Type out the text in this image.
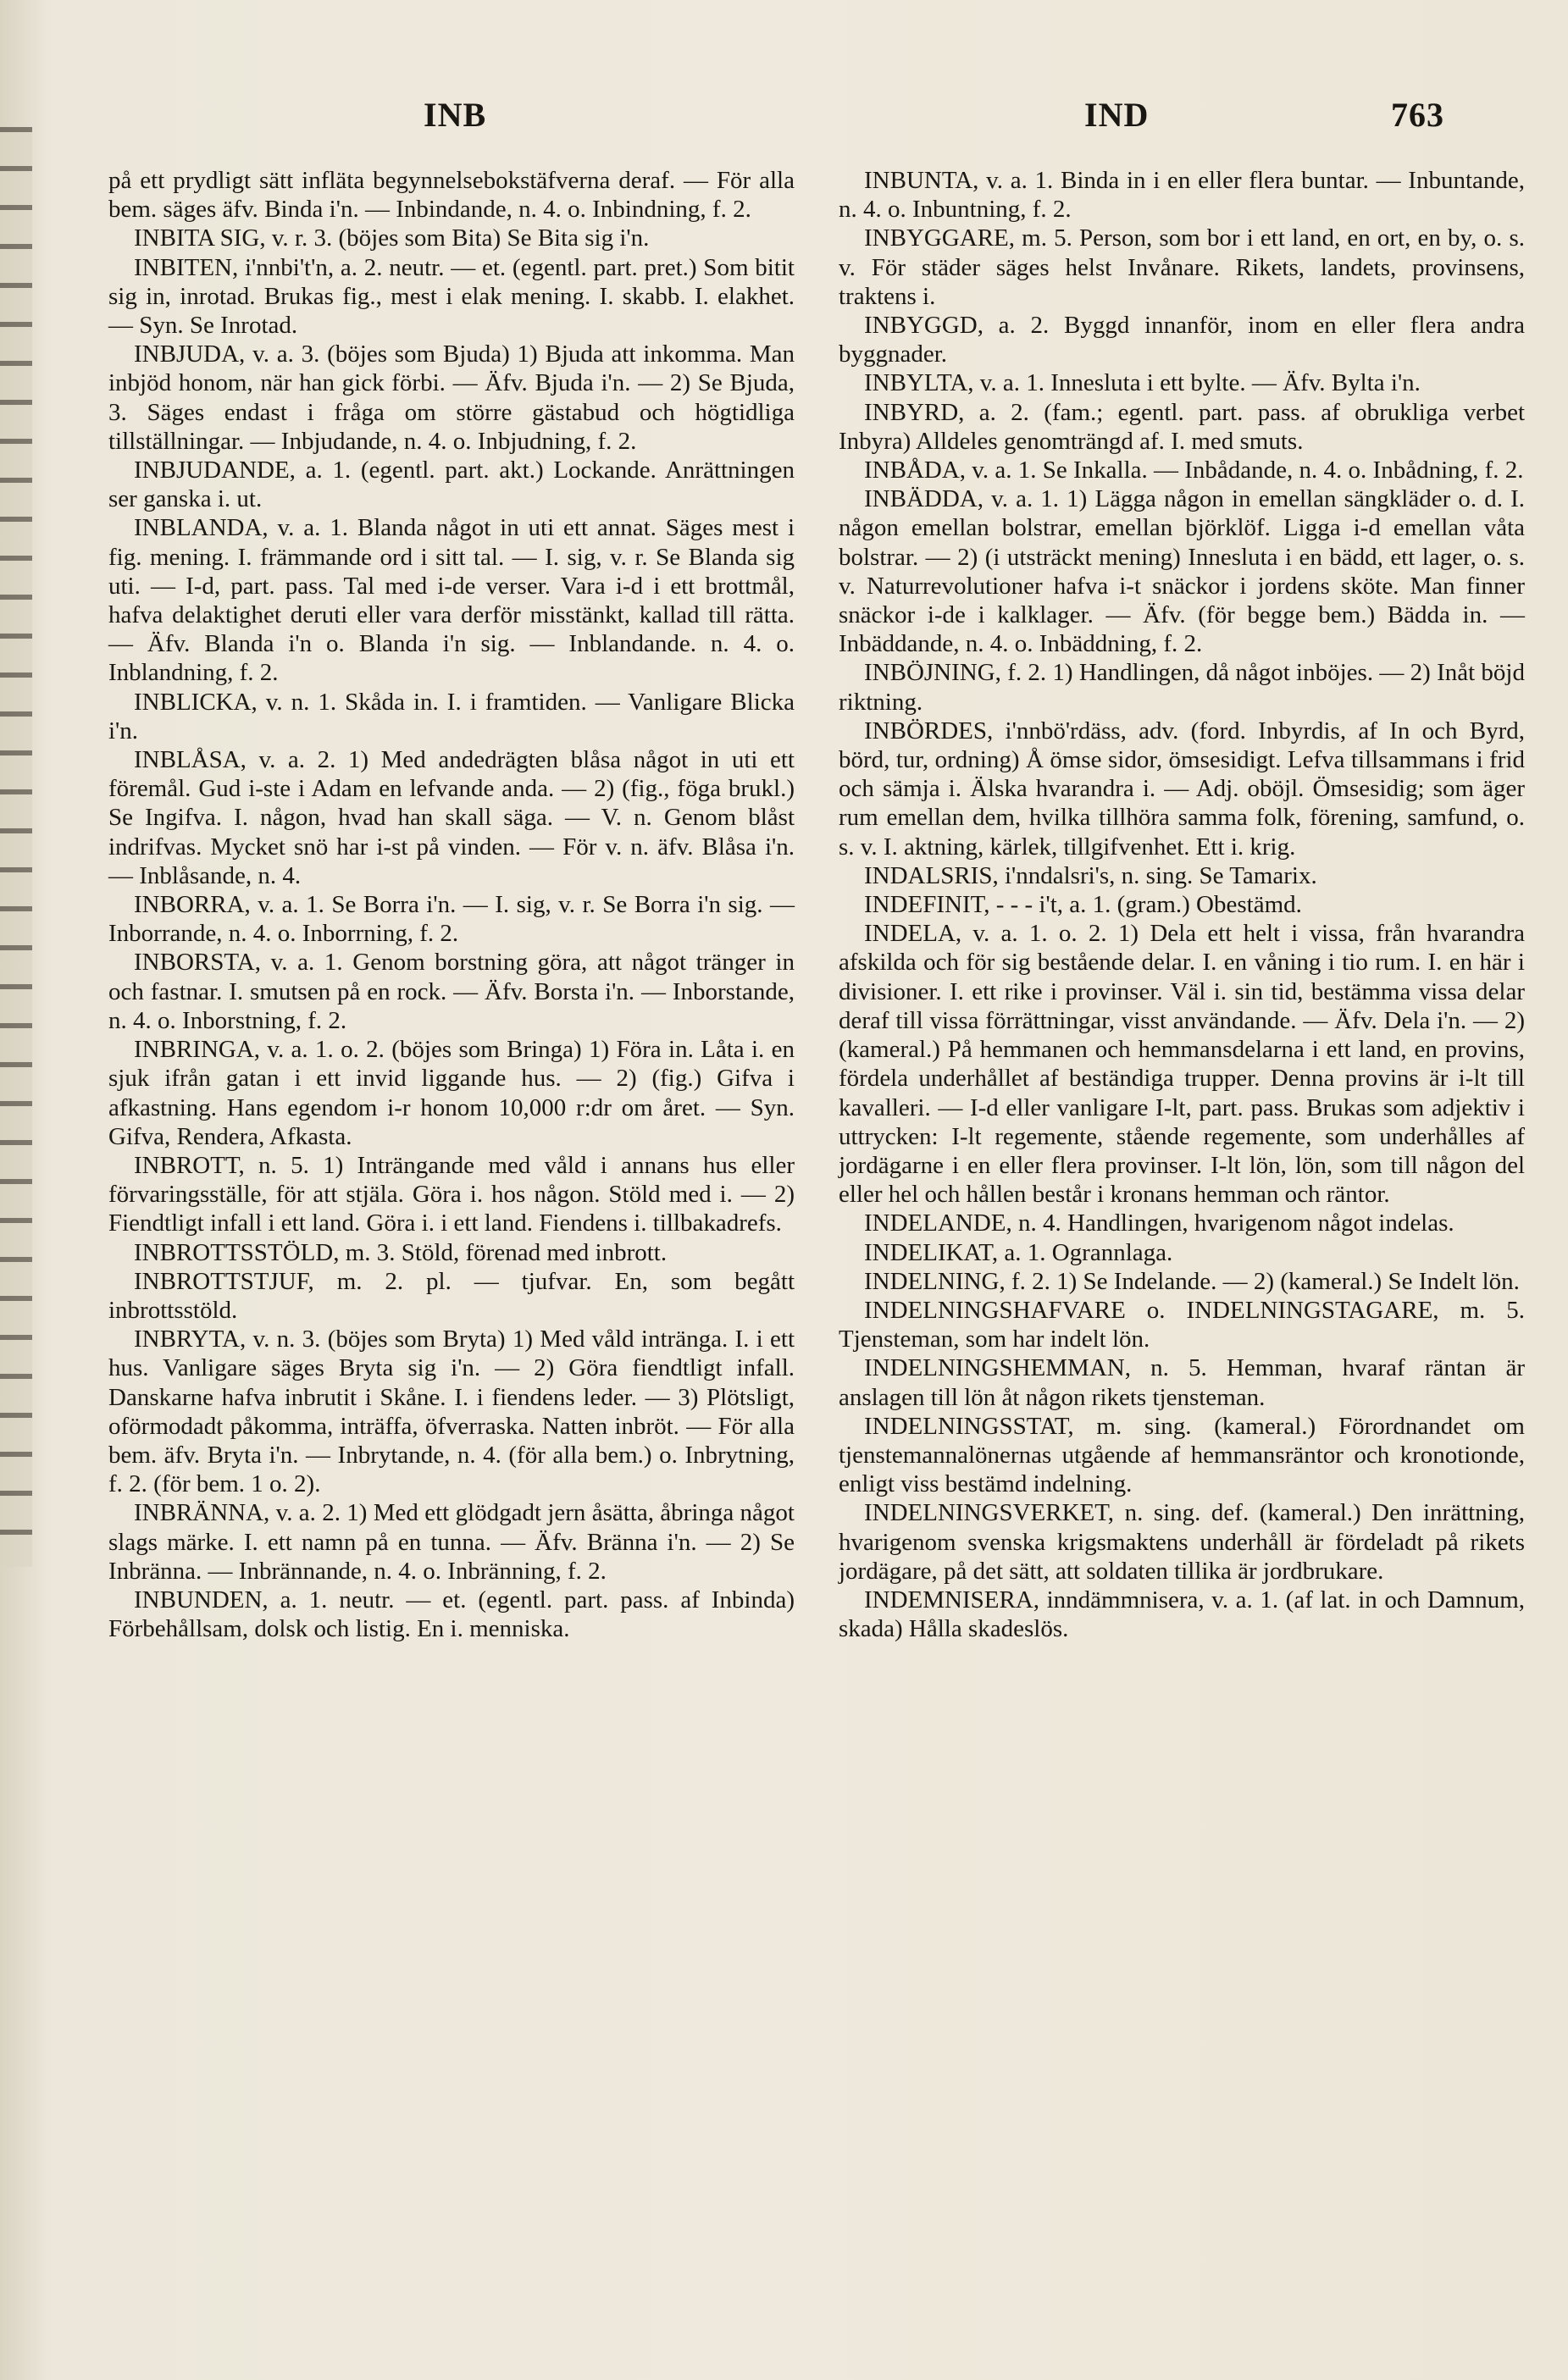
INB	IND	763

på ett prydligt sätt infläta begynnelsebokstäfverna deraf. — För alla bem. säges äfv. Binda i'n. — Inbindande, n. 4. o. Inbindning, f. 2.

INBITA SIG, v. r. 3. (böjes som Bita) Se Bita sig i'n.

INBITEN, i'nnbi't'n, a. 2. neutr. — et. (egentl. part. pret.) Som bitit sig in, inrotad. Brukas fig., mest i elak mening. I. skabb. I. elakhet. — Syn. Se Inrotad.

INBJUDA, v. a. 3. (böjes som Bjuda) 1) Bjuda att inkomma. Man inbjöd honom, när han gick förbi. — Äfv. Bjuda i'n. — 2) Se Bjuda, 3. Säges endast i fråga om större gästabud och högtidliga tillställningar. — Inbjudande, n. 4. o. Inbjudning, f. 2.

INBJUDANDE, a. 1. (egentl. part. akt.) Lockande. Anrättningen ser ganska i. ut.

INBLANDA, v. a. 1. Blanda något in uti ett annat. Säges mest i fig. mening. I. främmande ord i sitt tal. — I. sig, v. r. Se Blanda sig uti. — I-d, part. pass. Tal med i-de verser. Vara i-d i ett brottmål, hafva delaktighet deruti eller vara derför misstänkt, kallad till rätta. — Äfv. Blanda i'n o. Blanda i'n sig. — Inblandande. n. 4. o. Inblandning, f. 2.

INBLICKA, v. n. 1. Skåda in. I. i framtiden. — Vanligare Blicka i'n.

INBLÅSA, v. a. 2. 1) Med andedrägten blåsa något in uti ett föremål. Gud i-ste i Adam en lefvande anda. — 2) (fig., föga brukl.) Se Ingifva. I. någon, hvad han skall säga. — V. n. Genom blåst indrifvas. Mycket snö har i-st på vinden. — För v. n. äfv. Blåsa i'n. — Inblåsande, n. 4.

INBORRA, v. a. 1. Se Borra i'n. — I. sig, v. r. Se Borra i'n sig. — Inborrande, n. 4. o. Inborrning, f. 2.

INBORSTA, v. a. 1. Genom borstning göra, att något tränger in och fastnar. I. smutsen på en rock. — Äfv. Borsta i'n. — Inborstande, n. 4. o. Inborstning, f. 2.

INBRINGA, v. a. 1. o. 2. (böjes som Bringa) 1) Föra in. Låta i. en sjuk ifrån gatan i ett invid liggande hus. — 2) (fig.) Gifva i afkastning. Hans egendom i-r honom 10,000 r:dr om året. — Syn. Gifva, Rendera, Afkasta.

INBROTT, n. 5. 1) Inträngande med våld i annans hus eller förvaringsställe, för att stjäla. Göra i. hos någon. Stöld med i. — 2) Fiendtligt infall i ett land. Göra i. i ett land. Fiendens i. tillbakadrefs.

INBROTTSSTÖLD, m. 3. Stöld, förenad med inbrott.

INBROTTSTJUF, m. 2. pl. — tjufvar. En, som begått inbrottsstöld.

INBRYTA, v. n. 3. (böjes som Bryta) 1) Med våld intränga. I. i ett hus. Vanligare säges Bryta sig i'n. — 2) Göra fiendtligt infall. Danskarne hafva inbrutit i Skåne. I. i fiendens leder. — 3) Plötsligt, oförmodadt påkomma, inträffa, öfverraska. Natten inbröt. — För alla bem. äfv. Bryta i'n. — Inbrytande, n. 4. (för alla bem.) o. Inbrytning, f. 2. (för bem. 1 o. 2).

INBRÄNNA, v. a. 2. 1) Med ett glödgadt jern åsätta, åbringa något slags märke. I. ett namn på en tunna. — Äfv. Bränna i'n. — 2) Se Inbränna. — Inbrännande, n. 4. o. Inbränning, f. 2.

INBUNDEN, a. 1. neutr. — et. (egentl. part. pass. af Inbinda) Förbehållsam, dolsk och listig. En i. menniska.

INBUNTA, v. a. 1. Binda in i en eller flera buntar. — Inbuntande, n. 4. o. Inbuntning, f. 2.

INBYGGARE, m. 5. Person, som bor i ett land, en ort, en by, o. s. v. För städer säges helst Invånare. Rikets, landets, provinsens, traktens i.

INBYGGD, a. 2. Byggd innanför, inom en eller flera andra byggnader.

INBYLTA, v. a. 1. Innesluta i ett bylte. — Äfv. Bylta i'n.

INBYRD, a. 2. (fam.; egentl. part. pass. af obrukliga verbet Inbyra) Alldeles genomträngd af. I. med smuts.

INBÅDA, v. a. 1. Se Inkalla. — Inbådande, n. 4. o. Inbådning, f. 2.

INBÄDDA, v. a. 1. 1) Lägga någon in emellan sängkläder o. d. I. någon emellan bolstrar, emellan björklöf. Ligga i-d emellan våta bolstrar. — 2) (i utsträckt mening) Innesluta i en bädd, ett lager, o. s. v. Naturrevolutioner hafva i-t snäckor i jordens sköte. Man finner snäckor i-de i kalklager. — Äfv. (för begge bem.) Bädda in. — Inbäddande, n. 4. o. Inbäddning, f. 2.

INBÖJNING, f. 2. 1) Handlingen, då något inböjes. — 2) Inåt böjd riktning.

INBÖRDES, i'nnbö'rdäss, adv. (ford. Inbyrdis, af In och Byrd, börd, tur, ordning) Å ömse sidor, ömsesidigt. Lefva tillsammans i frid och sämja i. Älska hvarandra i. — Adj. oböjl. Ömsesidig; som äger rum emellan dem, hvilka tillhöra samma folk, förening, samfund, o. s. v. I. aktning, kärlek, tillgifvenhet. Ett i. krig.

INDALSRIS, i'nndalsri's, n. sing. Se Tamarix.

INDEFINIT, - - - i't, a. 1. (gram.) Obestämd.

INDELA, v. a. 1. o. 2. 1) Dela ett helt i vissa, från hvarandra afskilda och för sig bestående delar. I. en våning i tio rum. I. en här i divisioner. I. ett rike i provinser. Väl i. sin tid, bestämma vissa delar deraf till vissa förrättningar, visst användande. — Äfv. Dela i'n. — 2) (kameral.) På hemmanen och hemmansdelarna i ett land, en provins, fördela underhållet af beständiga trupper. Denna provins är i-lt till kavalleri. — I-d eller vanligare I-lt, part. pass. Brukas som adjektiv i uttrycken: I-lt regemente, stående regemente, som underhålles af jordägarne i en eller flera provinser. I-lt lön, lön, som till någon del eller hel och hållen består i kronans hemman och räntor.

INDELANDE, n. 4. Handlingen, hvarigenom något indelas.

INDELIKAT, a. 1. Ogrannlaga.

INDELNING, f. 2. 1) Se Indelande. — 2) (kameral.) Se Indelt lön.

INDELNINGSHAFVARE o. INDELNINGSTAGARE, m. 5. Tjensteman, som har indelt lön.

INDELNINGSHEMMAN, n. 5. Hemman, hvaraf räntan är anslagen till lön åt någon rikets tjensteman.

INDELNINGSSTAT, m. sing. (kameral.) Förordnandet om tjenstemannalönernas utgående af hemmansräntor och kronotionde, enligt viss bestämd indelning.

INDELNINGSVERKET, n. sing. def. (kameral.) Den inrättning, hvarigenom svenska krigsmaktens underhåll är fördeladt på rikets jordägare, på det sätt, att soldaten tillika är jordbrukare.

INDEMNISERA, inndämmnisera, v. a. 1. (af lat. in och Damnum, skada) Hålla skadeslös.
